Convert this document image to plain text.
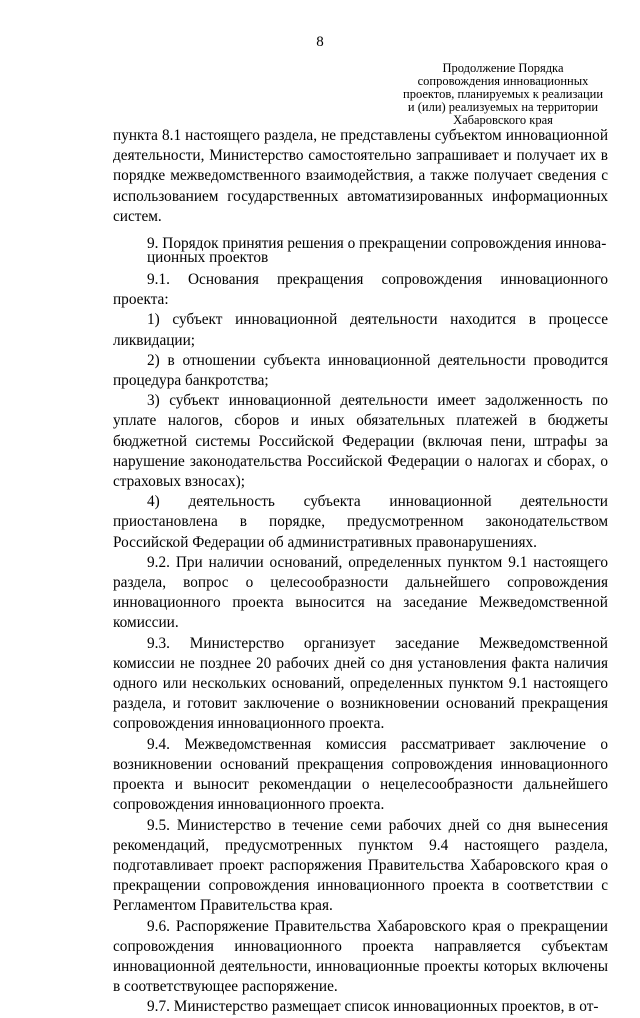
8
Продолжение Порядка
сопровождения инновационных
проектов, планируемых к реализации
и (или) реализуемых на территории
Хабаровского края

пункта 8.1 настоящего раздела, не представлены субъектом инновационной деятельности, Министерство самостоятельно запрашивает и получает их в порядке межведомственного взаимодействия, а также получает сведения с использованием государственных автоматизированных информационных систем.

9. Порядок принятия решения о прекращении сопровождения иннова-
ционных проектов

9.1. Основания прекращения сопровождения инновационного проекта:

1) субъект инновационной деятельности находится в процессе ликвидации;

2) в отношении субъекта инновационной деятельности проводится процедура банкротства;

3) субъект инновационной деятельности имеет задолженность по уплате налогов, сборов и иных обязательных платежей в бюджеты бюджетной системы Российской Федерации (включая пени, штрафы за нарушение законодательства Российской Федерации о налогах и сборах, о страховых взносах);

4) деятельность субъекта инновационной деятельности приостановлена в порядке, предусмотренном законодательством Российской Федерации об административных правонарушениях.

9.2. При наличии оснований, определенных пунктом 9.1 настоящего раздела, вопрос о целесообразности дальнейшего сопровождения инновационного проекта выносится на заседание Межведомственной комиссии.

9.3. Министерство организует заседание Межведомственной комиссии не позднее 20 рабочих дней со дня установления факта наличия одного или нескольких оснований, определенных пунктом 9.1 настоящего раздела, и готовит заключение о возникновении оснований прекращения сопровождения инновационного проекта.

9.4. Межведомственная комиссия рассматривает заключение о возникновении оснований прекращения сопровождения инновационного проекта и выносит рекомендации о нецелесообразности дальнейшего сопровождения инновационного проекта.

9.5. Министерство в течение семи рабочих дней со дня вынесения рекомендаций, предусмотренных пунктом 9.4 настоящего раздела, подготавливает проект распоряжения Правительства Хабаровского края о прекращении сопровождения инновационного проекта в соответствии с Регламентом Правительства края.

9.6. Распоряжение Правительства Хабаровского края о прекращении сопровождения инновационного проекта направляется субъектам инновационной деятельности, инновационные проекты которых включены в соответствующее распоряжение.

9.7. Министерство размещает список инновационных проектов, в от-
